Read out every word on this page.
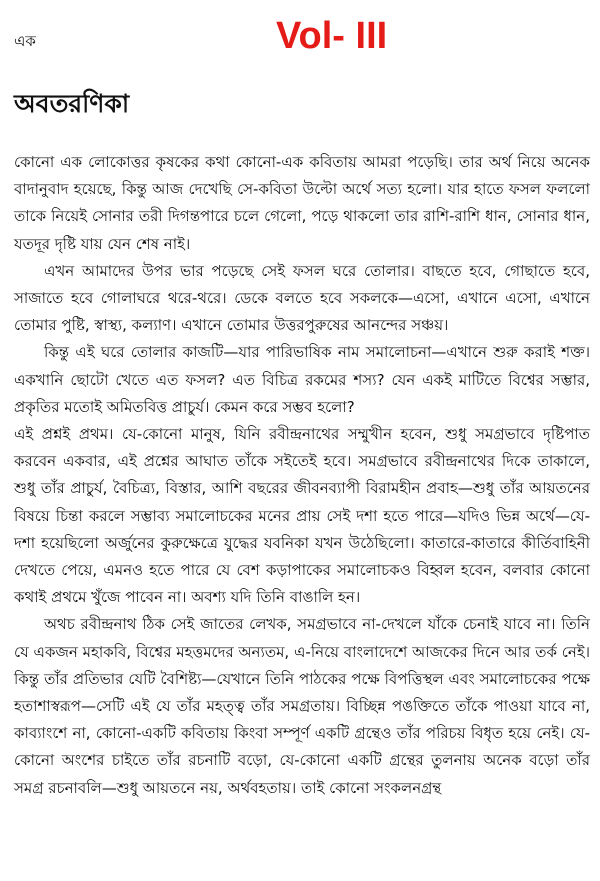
এক	Vol- III
অবতরণিকা

কোনো এক লোকোত্তর কৃষকের কথা কোনো-এক কবিতায় আমরা পড়েছি। তার অর্থ নিয়ে অনেক বাদানুবাদ হয়েছে, কিন্তু আজ দেখেছি সে-কবিতা উল্টো অর্থে সত্য হলো। যার হাতে ফসল ফললো তাকে নিয়েই সোনার তরী দিগন্তপারে চলে গেলো, পড়ে থাকলো তার রাশি-রাশি ধান, সোনার ধান, যতদূর দৃষ্টি যায় যেন শেষ নাই।

এখন আমাদের উপর ভার পড়েছে সেই ফসল ঘরে তোলার। বাছতে হবে, গোছাতে হবে, সাজাতে হবে গোলাঘরে থরে-থরে। ডেকে বলতে হবে সকলকে—এসো, এখানে এসো, এখানে তোমার পুষ্টি, স্বাস্থ্য, কল্যাণ। এখানে তোমার উত্তরপুরুষের আনন্দের সঞ্চয়।

কিন্তু এই ঘরে তোলার কাজটি—যার পারিভাষিক নাম সমালোচনা—এখানে শুরু করাই শক্ত। একখানি ছোটো খেতে এত ফসল? এত বিচিত্র রকমের শস্য? যেন একই মাটিতে বিশ্বের সম্ভার, প্রকৃতির মতোই অমিতবিত্ত প্রাচুর্য। কেমন করে সম্ভব হলো?

এই প্রশ্নই প্রথম। যে-কোনো মানুষ, যিনি রবীন্দ্রনাথের সম্মুখীন হবেন, শুধু সমগ্রভাবে দৃষ্টিপাত করবেন একবার, এই প্রশ্নের আঘাত তাঁকে সইতেই হবে। সমগ্রভাবে রবীন্দ্রনাথের দিকে তাকালে, শুধু তাঁর প্রাচুর্য, বৈচিত্র্য, বিস্তার, আশি বছরের জীবনব্যাপী বিরামহীন প্রবাহ—শুধু তাঁর আয়তনের বিষয়ে চিন্তা করলে সম্ভাব্য সমালোচকের মনের প্রায় সেই দশা হতে পারে—যদিও ভিন্ন অর্থে—যে-দশা হয়েছিলো অর্জুনের কুরুক্ষেত্রে যুদ্ধের যবনিকা যখন উঠেছিলো। কাতারে-কাতারে কীর্তিবাহিনী দেখতে পেয়ে, এমনও হতে পারে যে বেশ কড়াপাকের সমালোচকও বিহ্বল হবেন, বলবার কোনো কথাই প্রথমে খুঁজে পাবেন না। অবশ্য যদি তিনি বাঙালি হন।

অথচ রবীন্দ্রনাথ ঠিক সেই জাতের লেখক, সমগ্রভাবে না-দেখলে যাঁকে চেনাই যাবে না। তিনি যে একজন মহাকবি, বিশ্বের মহত্তমদের অন্যতম, এ-নিয়ে বাংলাদেশে আজকের দিনে আর তর্ক নেই। কিন্তু তাঁর প্রতিভার যেটি বৈশিষ্ট্য—যেখানে তিনি পাঠকের পক্ষে বিপত্তিস্থল এবং সমালোচকের পক্ষে হতাশাস্বরূপ—সেটি এই যে তাঁর মহত্ত্ব তাঁর সমগ্রতায়। বিচ্ছিন্ন পঙক্তিতে তাঁকে পাওয়া যাবে না, কাব্যাংশে না, কোনো-একটি কবিতায় কিংবা সম্পূর্ণ একটি গ্রন্থেও তাঁর পরিচয় বিধৃত হয়ে নেই। যে-কোনো অংশের চাইতে তাঁর রচনাটি বড়ো, যে-কোনো একটি গ্রন্থের তুলনায় অনেক বড়ো তাঁর সমগ্র রচনাবলি—শুধু আয়তনে নয়, অর্থবহতায়। তাই কোনো সংকলনগ্রন্থ
